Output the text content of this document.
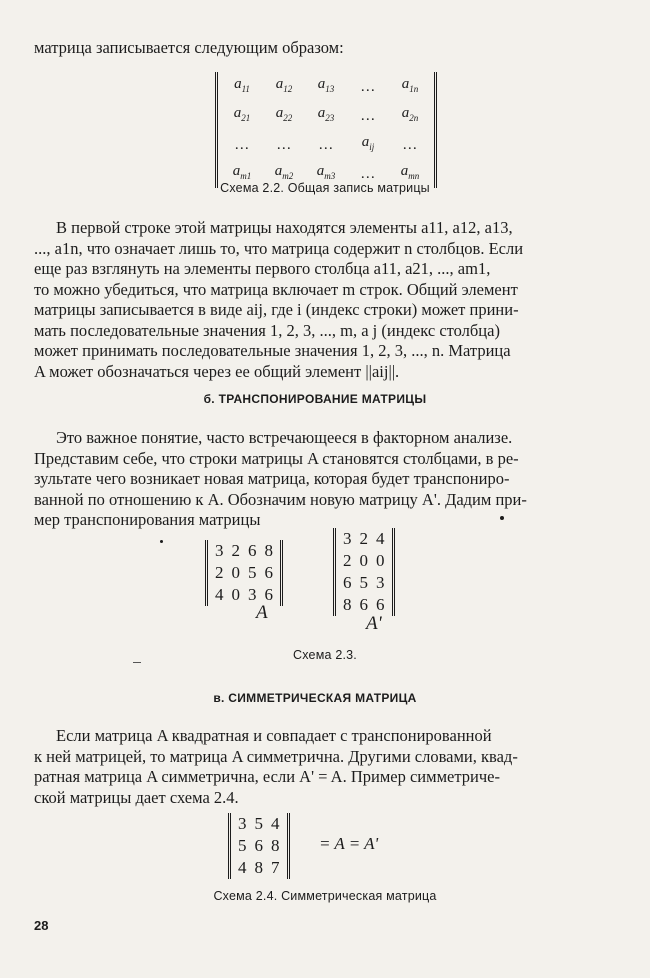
матрица записывается следующим образом:

$a_{11}$	$a_{12}$	$a_{13}$	…	$a_{1n}$
$a_{21}$	$a_{22}$	$a_{23}$	…	$a_{2n}$
…	…	…	$a_{ij}$	…
$a_{m1}$	$a_{m2}$	$a_{m3}$	…	$a_{mn}$
Схема 2.2. Общая запись матрицы

В первой строке этой матрицы находятся элементы a11, a12, a13,
..., a1n, что означает лишь то, что матрица содержит n столбцов. Если
еще раз взглянуть на элементы первого столбца a11, a21, ..., am1,
то можно убедиться, что матрица включает m строк. Общий элемент
матрицы записывается в виде aij, где i (индекс строки) может прини-
мать последовательные значения 1, 2, 3, ..., m, а j (индекс столбца)
может принимать последовательные значения 1, 2, 3, ..., n. Матрица
A может обозначаться через ее общий элемент ||aij||.

б. ТРАНСПОНИРОВАНИЕ МАТРИЦЫ

Это важное понятие, часто встречающееся в факторном анализе.
Представим себе, что строки матрицы A становятся столбцами, в ре-
зультате чего возникает новая матрица, которая будет транспониро-
ванной по отношению к A. Обозначим новую матрицу A'. Дадим при-
мер транспонирования матрицы

3	2	6	8
2	0	5	6
4	0	3	6
A
3	2	4
2	0	0
6	5	3
8	6	6
A'
Схема 2.3.
в. СИММЕТРИЧЕСКАЯ МАТРИЦА

Если матрица A квадратная и совпадает с транспонированной
к ней матрицей, то матрица A симметрична. Другими словами, квад-
ратная матрица A симметрична, если A' = A. Пример симметриче-
ской матрицы дает схема 2.4.

3	5	4
5	6	8
4	8	7
= A = A'
Схема 2.4. Симметрическая матрица
28
